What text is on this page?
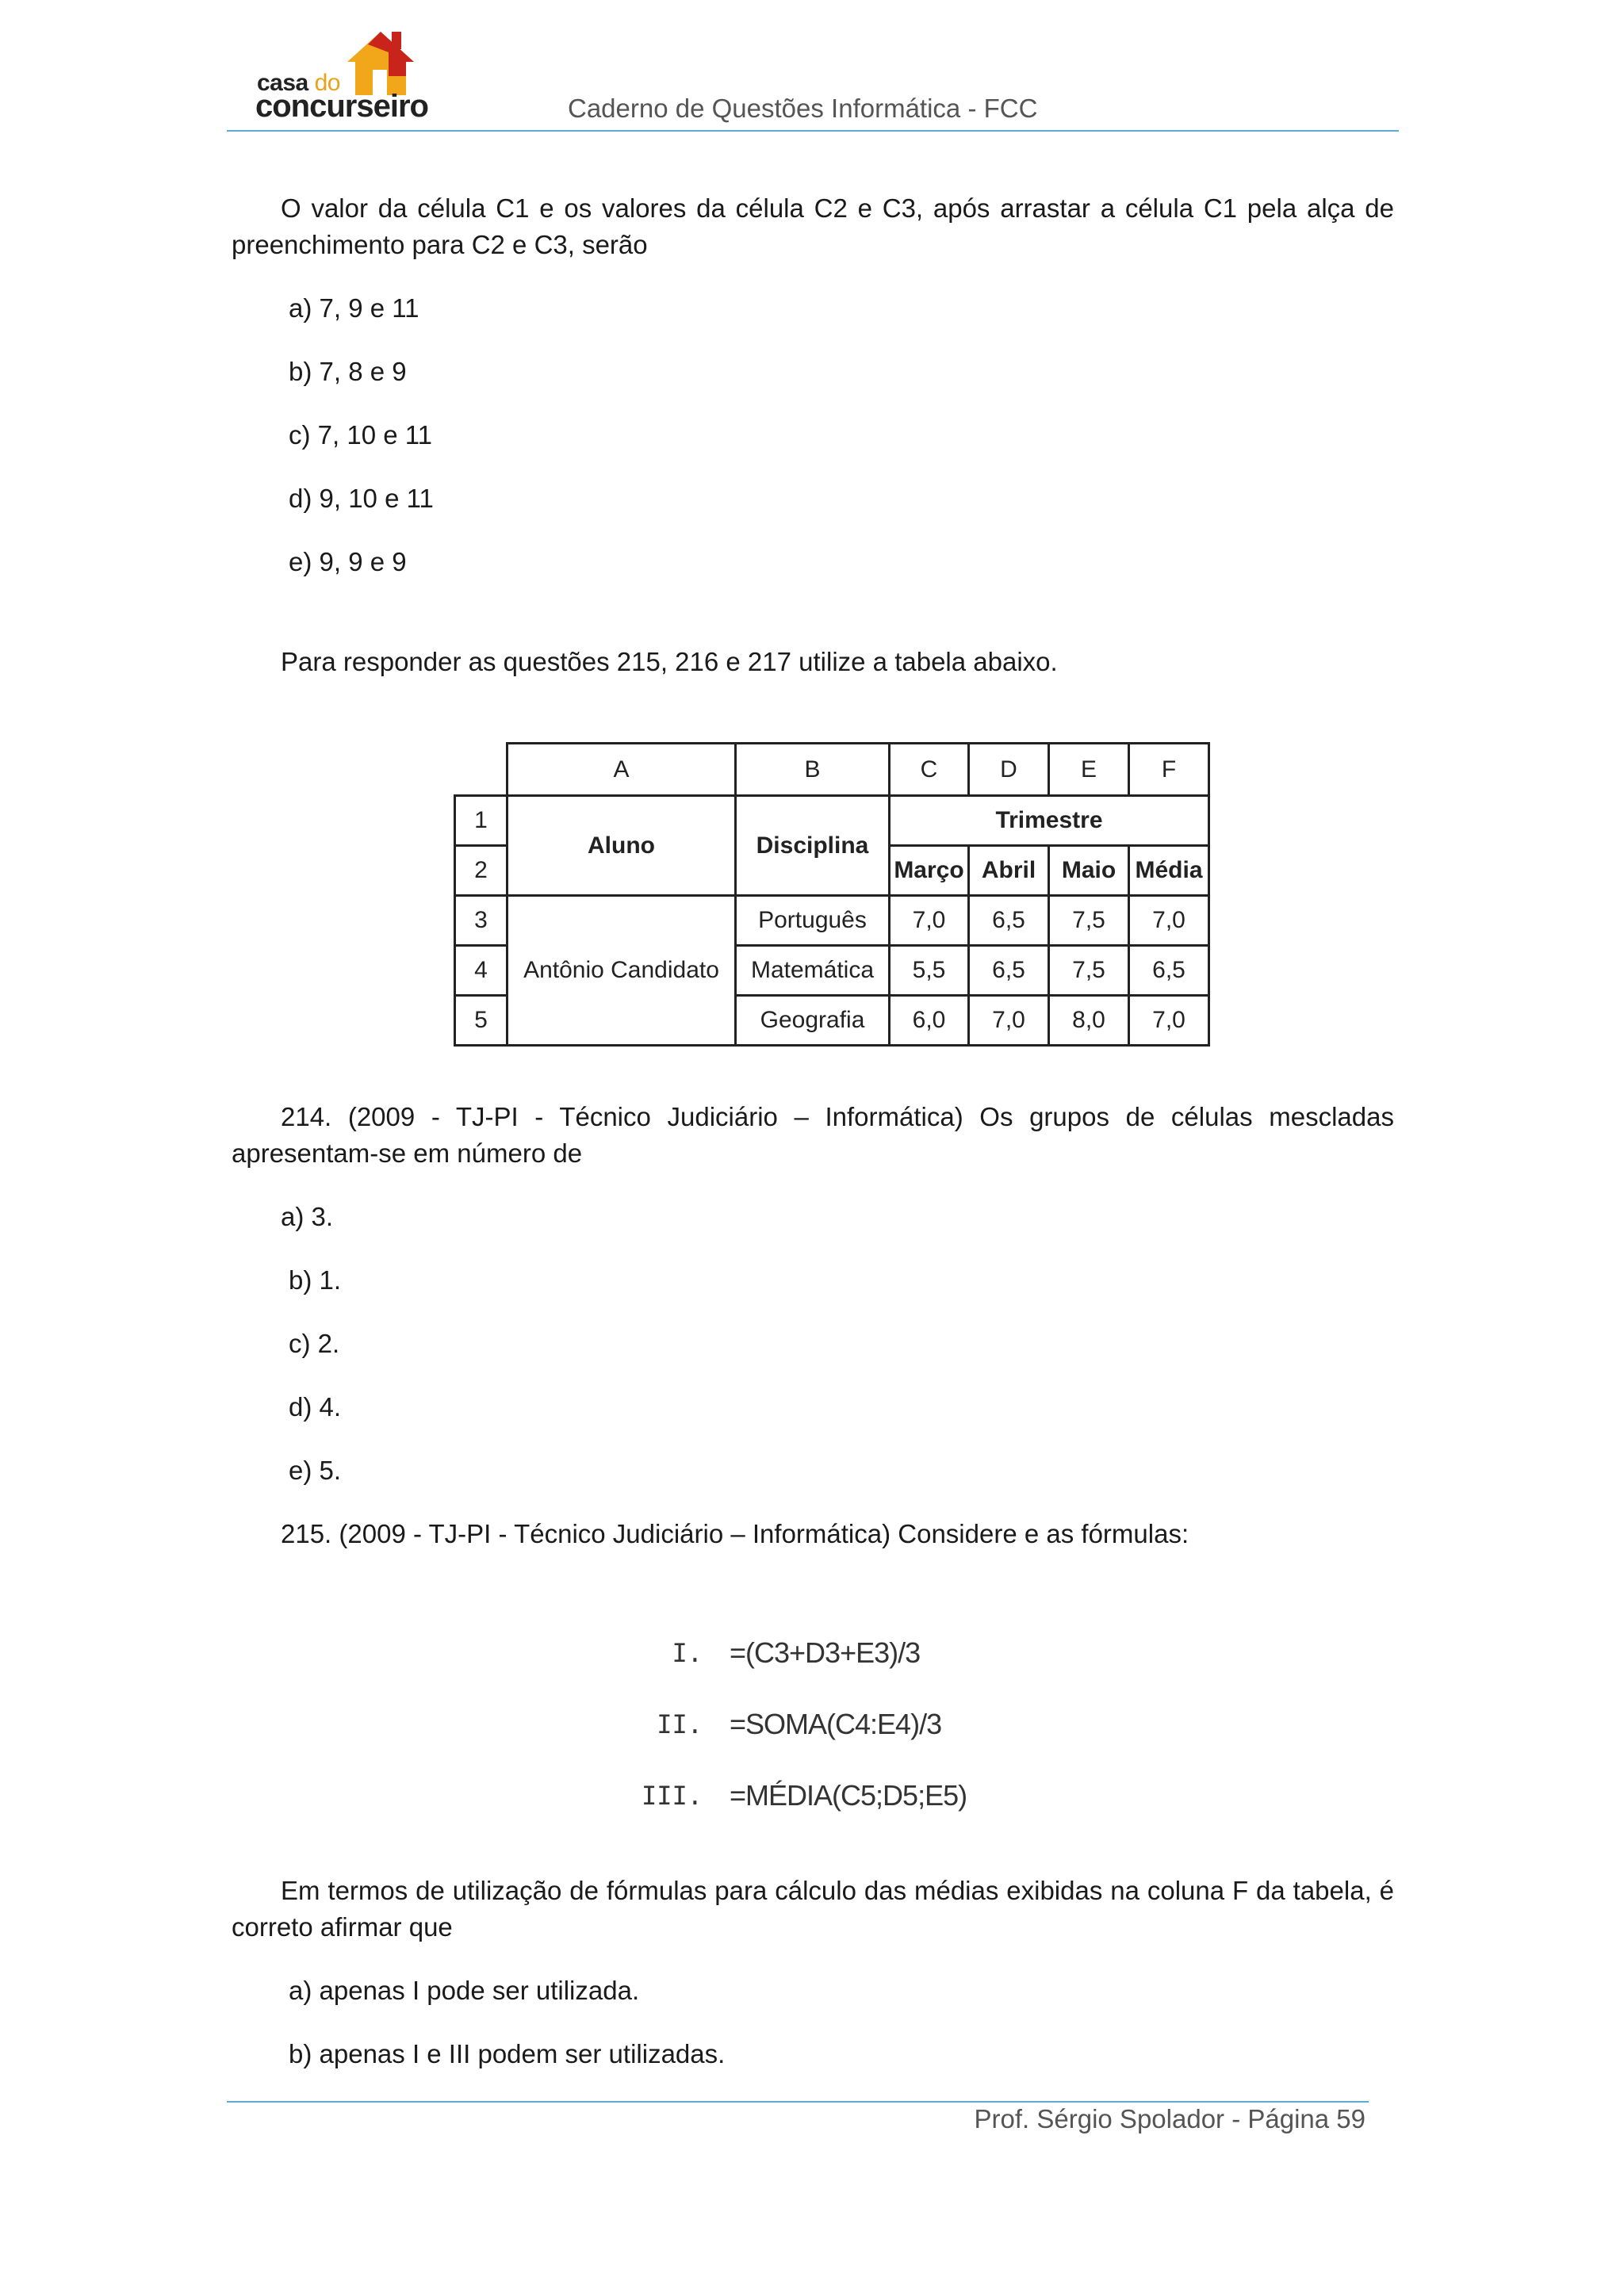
casa do
concurseiro	Caderno de Questões Informática - FCC

O valor da célula C1 e os valores da célula C2 e C3, após arrastar a célula C1 pela alça de preenchimento para C2 e C3, serão

a) 7, 9 e 11
b) 7, 8 e 9
c) 7, 10 e 11
d) 9, 10 e 11
e) 9, 9 e 9
Para responder as questões 215, 216 e 217 utilize a tabela abaixo.
	A	B	C	D	E	F
1	Aluno	Disciplina	Trimestre			
2			Março	Abril	Maio	Média
3	Antônio Candidato	Português	7,0	6,5	7,5	7,0
4		Matemática	5,5	6,5	7,5	6,5
5		Geografia	6,0	7,0	8,0	7,0

214. (2009 - TJ-PI - Técnico Judiciário – Informática) Os grupos de células mescladas apresentam-se em número de

a) 3.
b) 1.
c) 2.
d) 4.
e) 5.
215. (2009 - TJ-PI - Técnico Judiciário – Informática) Considere e as fórmulas:
I. =(C3+D3+E3)/3
II. =SOMA(C4:E4)/3
III. =MÉDIA(C5;D5;E5)

Em termos de utilização de fórmulas para cálculo das médias exibidas na coluna F da tabela, é correto afirmar que

a) apenas I pode ser utilizada.
b) apenas I e III podem ser utilizadas.
Prof. Sérgio Spolador - Página 59
